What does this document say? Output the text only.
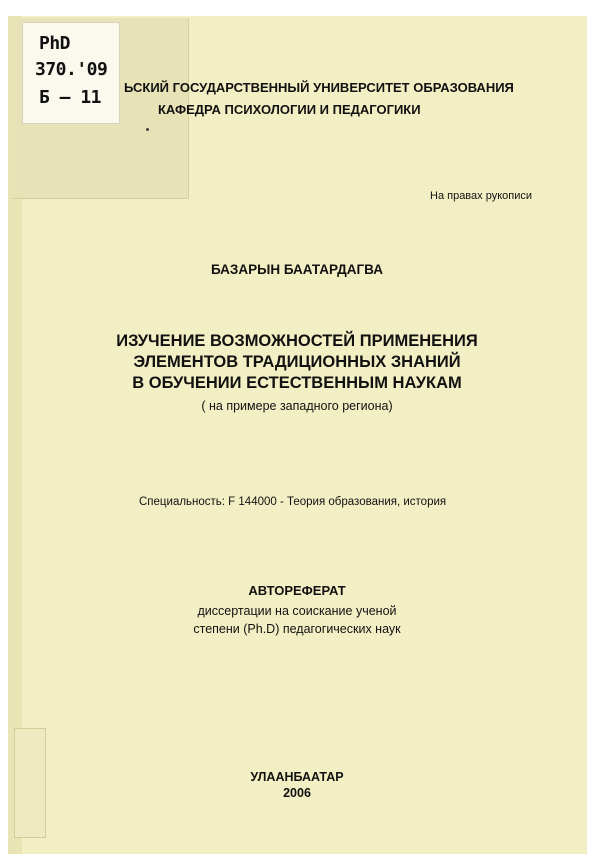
PhD
370.'09
Б – 11 ЬСКИЙ ГОСУДАРСТВЕННЫЙ УНИВЕРСИТЕТ ОБРАЗОВАНИЯ
КАФЕДРА ПСИХОЛОГИИ И ПЕДАГОГИКИ
На правах рукописи
БАЗАРЫН БААТАРДАГВА
ИЗУЧЕНИЕ ВОЗМОЖНОСТЕЙ ПРИМЕНЕНИЯ
ЭЛЕМЕНТОВ ТРАДИЦИОННЫХ ЗНАНИЙ
В ОБУЧЕНИИ ЕСТЕСТВЕННЫМ НАУКАМ
( на примере западного региона)
Специальность: F 144000 - Теория образования, история
АВТОРЕФЕРАТ
диссертации на соискание ученой
степени (Ph.D) педагогических наук
УЛААНБААТАР
2006
